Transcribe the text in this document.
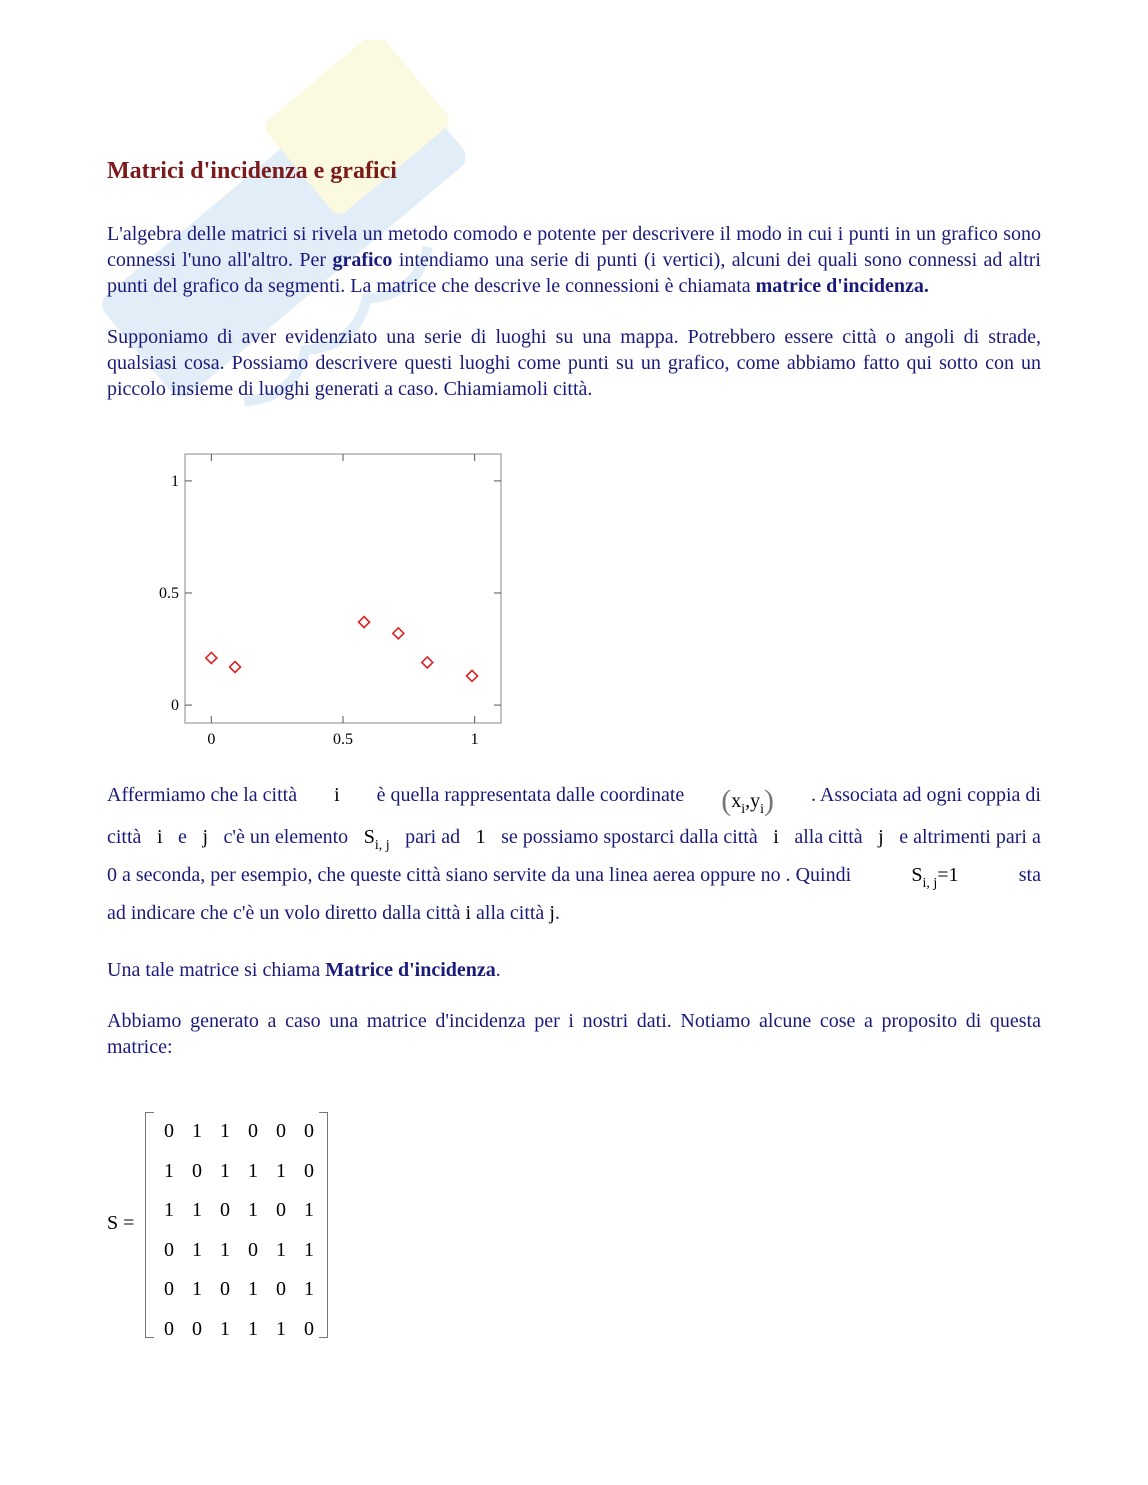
Matrici d'incidenza e grafici

L'algebra delle matrici si rivela un metodo comodo e potente per descrivere il modo in cui i punti in un grafico sono connessi l'uno all'altro. Per grafico intendiamo una serie di punti (i vertici), alcuni dei quali sono connessi ad altri punti del grafico da segmenti. La matrice che descrive le connessioni è chiamata matrice d'incidenza.

Supponiamo di aver evidenziato una serie di luoghi su una mappa. Potrebbero essere città o angoli di strade, qualsiasi cosa. Possiamo descrivere questi luoghi come punti su un grafico, come abbiamo fatto qui sotto con un piccolo insieme di luoghi generati a caso. Chiamiamoli città.

0	0.5	1
0
0.5
1
Affermiamo che la città i è quella rappresentata dalle coordinate $(x_i,y_i)$ . Associata ad ogni coppia di
città i e j c'è un elemento $S_{i, j}$ pari ad 1 se possiamo spostarci dalla città i alla città j e altrimenti pari a
0 a seconda, per esempio, che queste città siano servite da una linea aerea oppure no . Quindi	$S_{i, j}=1$	sta
ad indicare che c'è un volo diretto dalla città i alla città j.

Una tale matrice si chiama Matrice d'incidenza.

Abbiamo generato a caso una matrice d'incidenza per i nostri dati. Notiamo alcune cose a proposito di questa matrice:

S =
0 1 1 0 0 0
1 0 1 1 1 0
1 1 0 1 0 1
0 1 1 0 1 1
0 1 0 1 0 1
0 0 1 1 1 0
